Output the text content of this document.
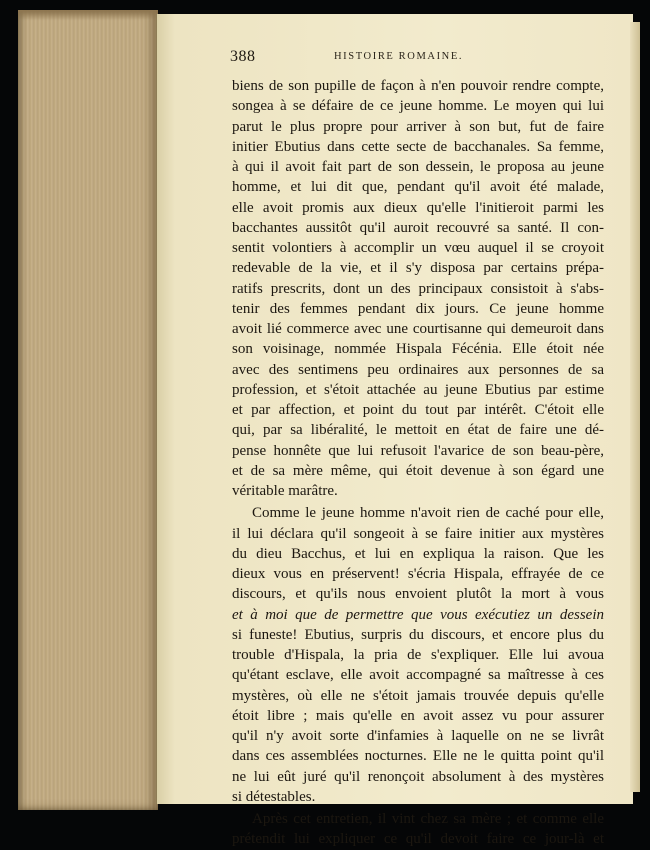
388	HISTOIRE ROMAINE.
biens de son pupille de façon à n'en pouvoir rendre compte,
songea à se défaire de ce jeune homme. Le moyen qui lui
parut le plus propre pour arriver à son but, fut de faire
initier Ebutius dans cette secte de bacchanales. Sa femme,
à qui il avoit fait part de son dessein, le proposa au jeune
homme, et lui dit que, pendant qu'il avoit été malade,
elle avoit promis aux dieux qu'elle l'initieroit parmi les
bacchantes aussitôt qu'il auroit recouvré sa santé. Il con-
sentit volontiers à accomplir un vœu auquel il se croyoit
redevable de la vie, et il s'y disposa par certains prépa-
ratifs prescrits, dont un des principaux consistoit à s'abs-
tenir des femmes pendant dix jours. Ce jeune homme
avoit lié commerce avec une courtisanne qui demeuroit dans
son voisinage, nommée Hispala Fécénia. Elle étoit née
avec des sentimens peu ordinaires aux personnes de sa
profession, et s'étoit attachée au jeune Ebutius par estime
et par affection, et point du tout par intérêt. C'étoit elle
qui, par sa libéralité, le mettoit en état de faire une dé-
pense honnête que lui refusoit l'avarice de son beau-père,
et de sa mère même, qui étoit devenue à son égard une
véritable marâtre.
Comme le jeune homme n'avoit rien de caché pour elle,
il lui déclara qu'il songeoit à se faire initier aux mystères
du dieu Bacchus, et lui en expliqua la raison. Que les
dieux vous en préservent! s'écria Hispala, effrayée de ce
discours, et qu'ils nous envoient plutôt la mort à vous
et à moi que de permettre que vous exécutiez un dessein
si funeste! Ebutius, surpris du discours, et encore plus du
trouble d'Hispala, la pria de s'expliquer. Elle lui avoua
qu'étant esclave, elle avoit accompagné sa maîtresse à ces
mystères, où elle ne s'étoit jamais trouvée depuis qu'elle
étoit libre ; mais qu'elle en avoit assez vu pour assurer
qu'il n'y avoit sorte d'infamies à laquelle on ne se livrât
dans ces assemblées nocturnes. Elle ne le quitta point qu'il
ne lui eût juré qu'il renonçoit absolument à des mystères
si détestables.
Après cet entretien, il vint chez sa mère ; et comme elle
prétendit lui expliquer ce qu'il devoit faire ce jour-là et
